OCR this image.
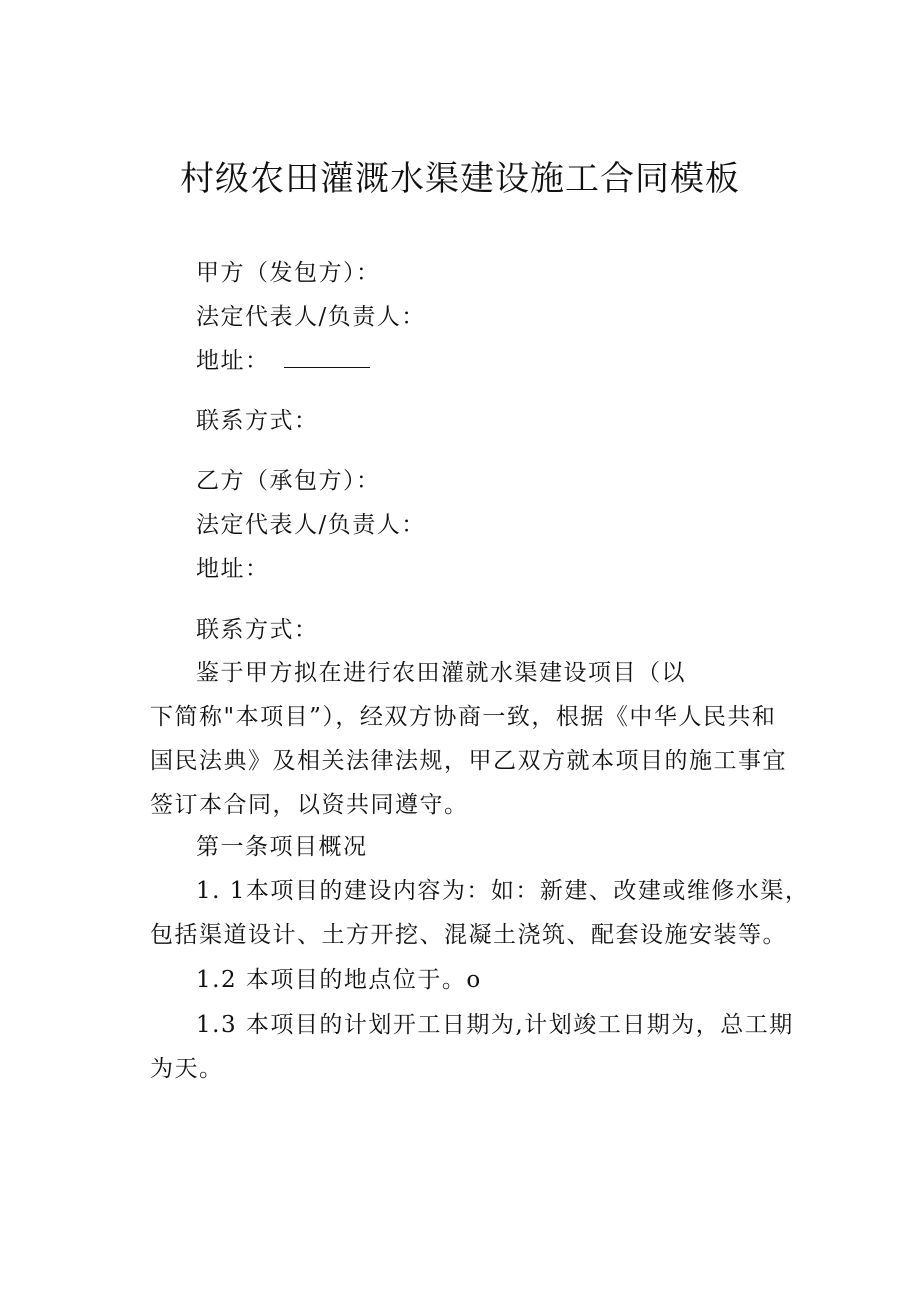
村级农田灌溉水渠建设施工合同模板
甲方（发包方）：
法定代表人/负责人：
地址：
联系方式：
乙方（承包方）：
法定代表人/负责人：
地址：
联系方式：
鉴于甲方拟在进行农田灌就水渠建设项目（以
下简称"本项目”），经双方协商一致，根据《中华人民共和
国民法典》及相关法律法规，甲乙双方就本项目的施工事宜
签订本合同，以资共同遵守。
第一条项目概况
1. 1本项目的建设内容为：如：新建、改建或维修水渠，
包括渠道设计、土方开挖、混凝土浇筑、配套设施安装等。
1.2 本项目的地点位于。o
1.3 本项目的计划开工日期为,计划竣工日期为，总工期
为天。
